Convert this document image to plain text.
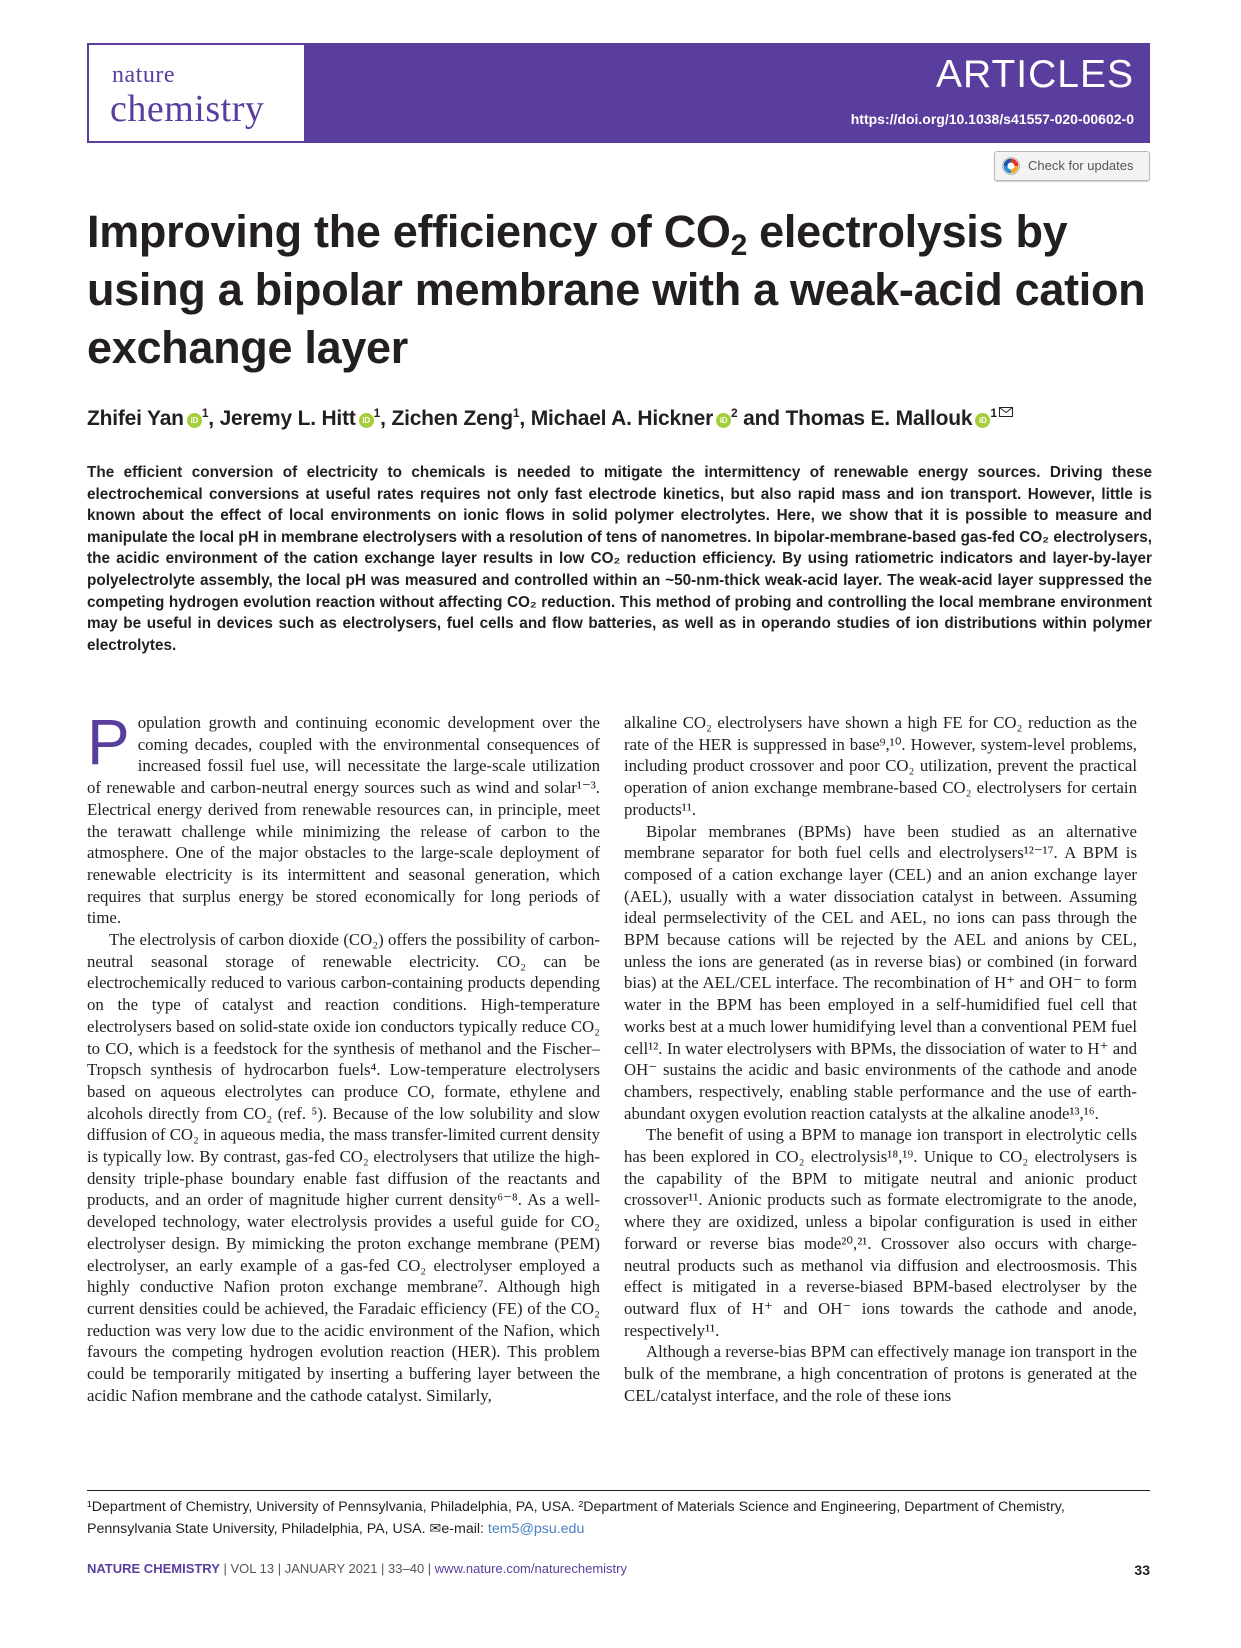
nature
chemistry
ARTICLES
https://doi.org/10.1038/s41557-020-00602-0
Check for updates
Improving the efficiency of $CO_2$ electrolysis by using a bipolar membrane with a weak-acid cation exchange layer
Zhifei Yan $iD^1$, Jeremy L. Hitt $iD^1$, Zichen Zeng$^1$, Michael A. Hickner $iD^2$ and Thomas E. Mallouk $iD^1$

The efficient conversion of electricity to chemicals is needed to mitigate the intermittency of renewable energy sources. Driving these electrochemical conversions at useful rates requires not only fast electrode kinetics, but also rapid mass and ion transport. However, little is known about the effect of local environments on ionic flows in solid polymer electrolytes. Here, we show that it is possible to measure and manipulate the local pH in membrane electrolysers with a resolution of tens of nanometres. In bipolar-membrane-based gas-fed CO₂ electrolysers, the acidic environment of the cation exchange layer results in low CO₂ reduction efficiency. By using ratiometric indicators and layer-by-layer polyelectrolyte assembly, the local pH was measured and controlled within an ~50-nm-thick weak-acid layer. The weak-acid layer suppressed the competing hydrogen evolution reaction without affecting CO₂ reduction. This method of probing and controlling the local membrane environment may be useful in devices such as electrolysers, fuel cells and flow batteries, as well as in operando studies of ion distributions within polymer electrolytes.

Population growth and continuing economic development over the coming decades, coupled with the environmental consequences of increased fossil fuel use, will necessitate the large-scale utilization of renewable and carbon-neutral energy sources such as wind and solar¹⁻³. Electrical energy derived from renewable resources can, in principle, meet the terawatt challenge while minimizing the release of carbon to the atmosphere. One of the major obstacles to the large-scale deployment of renewable electricity is its intermittent and seasonal generation, which requires that surplus energy be stored economically for long periods of time.

The electrolysis of carbon dioxide (CO₂) offers the possibility of carbon-neutral seasonal storage of renewable electricity. CO₂ can be electrochemically reduced to various carbon-containing products depending on the type of catalyst and reaction conditions. High-temperature electrolysers based on solid-state oxide ion conductors typically reduce CO₂ to CO, which is a feedstock for the synthesis of methanol and the Fischer–Tropsch synthesis of hydrocarbon fuels⁴. Low-temperature electrolysers based on aqueous electrolytes can produce CO, formate, ethylene and alcohols directly from CO₂ (ref. ⁵). Because of the low solubility and slow diffusion of CO₂ in aqueous media, the mass transfer-limited current density is typically low. By contrast, gas-fed CO₂ electrolysers that utilize the high-density triple-phase boundary enable fast diffusion of the reactants and products, and an order of magnitude higher current density⁶⁻⁸. As a well-developed technology, water electrolysis provides a useful guide for CO₂ electrolyser design. By mimicking the proton exchange membrane (PEM) electrolyser, an early example of a gas-fed CO₂ electrolyser employed a highly conductive Nafion proton exchange membrane⁷. Although high current densities could be achieved, the Faradaic efficiency (FE) of the CO₂ reduction was very low due to the acidic environment of the Nafion, which favours the competing hydrogen evolution reaction (HER). This problem could be temporarily mitigated by inserting a buffering layer between the acidic Nafion membrane and the cathode catalyst. Similarly,

alkaline CO₂ electrolysers have shown a high FE for CO₂ reduction as the rate of the HER is suppressed in base⁹,¹⁰. However, system-level problems, including product crossover and poor CO₂ utilization, prevent the practical operation of anion exchange membrane-based CO₂ electrolysers for certain products¹¹.

Bipolar membranes (BPMs) have been studied as an alternative membrane separator for both fuel cells and electrolysers¹²⁻¹⁷. A BPM is composed of a cation exchange layer (CEL) and an anion exchange layer (AEL), usually with a water dissociation catalyst in between. Assuming ideal permselectivity of the CEL and AEL, no ions can pass through the BPM because cations will be rejected by the AEL and anions by CEL, unless the ions are generated (as in reverse bias) or combined (in forward bias) at the AEL/CEL interface. The recombination of H⁺ and OH⁻ to form water in the BPM has been employed in a self-humidified fuel cell that works best at a much lower humidifying level than a conventional PEM fuel cell¹². In water electrolysers with BPMs, the dissociation of water to H⁺ and OH⁻ sustains the acidic and basic environments of the cathode and anode chambers, respectively, enabling stable performance and the use of earth-abundant oxygen evolution reaction catalysts at the alkaline anode¹³,¹⁶.

The benefit of using a BPM to manage ion transport in electrolytic cells has been explored in CO₂ electrolysis¹⁸,¹⁹. Unique to CO₂ electrolysers is the capability of the BPM to mitigate neutral and anionic product crossover¹¹. Anionic products such as formate electromigrate to the anode, where they are oxidized, unless a bipolar configuration is used in either forward or reverse bias mode²⁰,²¹. Crossover also occurs with charge-neutral products such as methanol via diffusion and electroosmosis. This effect is mitigated in a reverse-biased BPM-based electrolyser by the outward flux of H⁺ and OH⁻ ions towards the cathode and anode, respectively¹¹.

Although a reverse-bias BPM can effectively manage ion transport in the bulk of the membrane, a high concentration of protons is generated at the CEL/catalyst interface, and the role of these ions

¹Department of Chemistry, University of Pennsylvania, Philadelphia, PA, USA. ²Department of Materials Science and Engineering, Department of Chemistry, Pennsylvania State University, Philadelphia, PA, USA. ✉e-mail: tem5@psu.edu

NATURE CHEMISTRY | VOL 13 | JANUARY 2021 | 33–40 | www.nature.com/naturechemistry	33
